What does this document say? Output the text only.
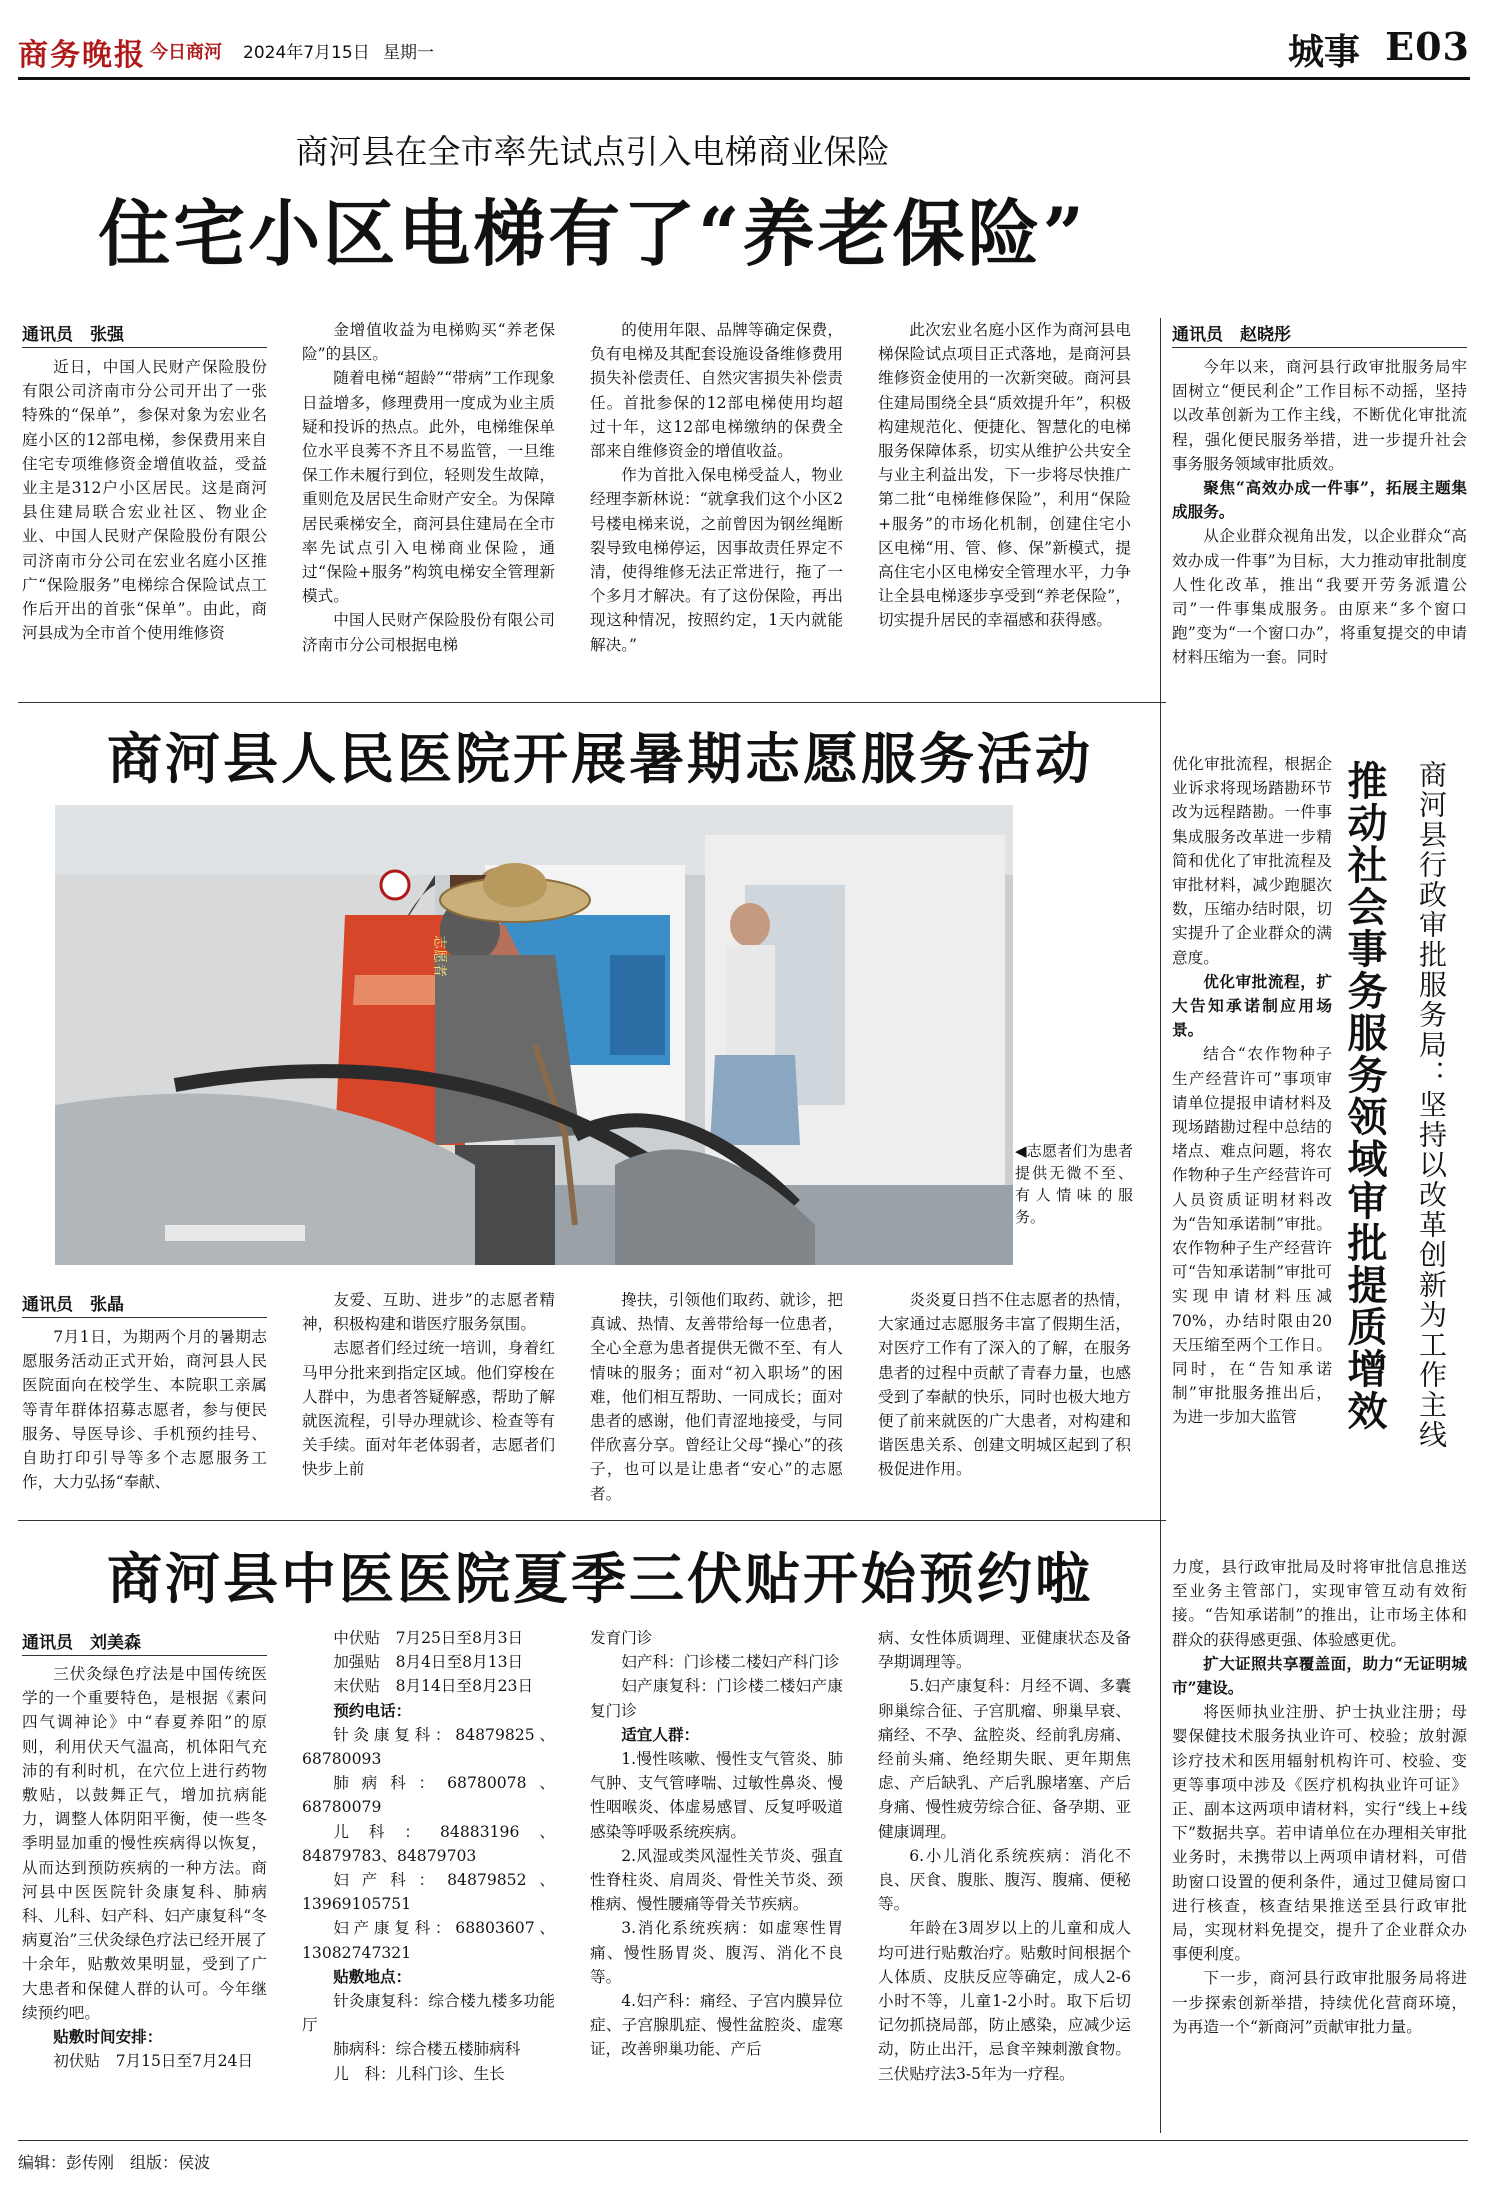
商务晚报 今日商河 2024年7月15日 星期一	城事 E03
商河县在全市率先试点引入电梯商业保险
住宅小区电梯有了“养老保险”
通讯员　张强

近日，中国人民财产保险股份有限公司济南市分公司开出了一张特殊的“保单”，参保对象为宏业名庭小区的12部电梯，参保费用来自住宅专项维修资金增值收益，受益业主是312户小区居民。这是商河县住建局联合宏业社区、物业企业、中国人民财产保险股份有限公司济南市分公司在宏业名庭小区推广“保险服务”电梯综合保险试点工作后开出的首张“保单”。由此，商河县成为全市首个使用维修资

金增值收益为电梯购买“养老保险”的县区。

随着电梯“超龄”“带病”工作现象日益增多，修理费用一度成为业主质疑和投诉的热点。此外，电梯维保单位水平良莠不齐且不易监管，一旦维保工作未履行到位，轻则发生故障，重则危及居民生命财产安全。为保障居民乘梯安全，商河县住建局在全市率先试点引入电梯商业保险，通过“保险+服务”构筑电梯安全管理新模式。

中国人民财产保险股份有限公司济南市分公司根据电梯

的使用年限、品牌等确定保费，负有电梯及其配套设施设备维修费用损失补偿责任、自然灾害损失补偿责任。首批参保的12部电梯使用均超过十年，这12部电梯缴纳的保费全部来自维修资金的增值收益。

作为首批入保电梯受益人，物业经理李新林说：“就拿我们这个小区2号楼电梯来说，之前曾因为钢丝绳断裂导致电梯停运，因事故责任界定不清，使得维修无法正常进行，拖了一个多月才解决。有了这份保险，再出现这种情况，按照约定，1天内就能解决。”

此次宏业名庭小区作为商河县电梯保险试点项目正式落地，是商河县维修资金使用的一次新突破。商河县住建局围绕全县“质效提升年”，积极构建规范化、便捷化、智慧化的电梯服务保障体系，切实从维护公共安全与业主利益出发，下一步将尽快推广第二批“电梯维修保险”，利用“保险+服务”的市场化机制，创建住宅小区电梯“用、管、修、保”新模式，提高住宅小区电梯安全管理水平，力争让全县电梯逐步享受到“养老保险”，切实提升居民的幸福感和获得感。

商河县人民医院开展暑期志愿服务活动
志愿者
◀志愿者们为患者提供无微不至、有人情味的服务。
通讯员　张晶

7月1日，为期两个月的暑期志愿服务活动正式开始，商河县人民医院面向在校学生、本院职工亲属等青年群体招募志愿者，参与便民服务、导医导诊、手机预约挂号、自助打印引导等多个志愿服务工作，大力弘扬“奉献、

友爱、互助、进步”的志愿者精神，积极构建和谐医疗服务氛围。

志愿者们经过统一培训，身着红马甲分批来到指定区域。他们穿梭在人群中，为患者答疑解惑，帮助了解就医流程，引导办理就诊、检查等有关手续。面对年老体弱者，志愿者们快步上前

搀扶，引领他们取药、就诊，把真诚、热情、友善带给每一位患者，全心全意为患者提供无微不至、有人情味的服务；面对“初入职场”的困难，他们相互帮助、一同成长；面对患者的感谢，他们青涩地接受，与同伴欣喜分享。曾经让父母“操心”的孩子，也可以是让患者“安心”的志愿者。

炎炎夏日挡不住志愿者的热情，大家通过志愿服务丰富了假期生活，对医疗工作有了深入的了解，在服务患者的过程中贡献了青春力量，也感受到了奉献的快乐，同时也极大地方便了前来就医的广大患者，对构建和谐医患关系、创建文明城区起到了积极促进作用。

商河县中医医院夏季三伏贴开始预约啦
通讯员　刘美森

三伏灸绿色疗法是中国传统医学的一个重要特色，是根据《素问四气调神论》中“春夏养阳”的原则，利用伏天气温高，机体阳气充沛的有利时机，在穴位上进行药物敷贴，以鼓舞正气，增加抗病能力，调整人体阴阳平衡，使一些冬季明显加重的慢性疾病得以恢复，从而达到预防疾病的一种方法。商河县中医医院针灸康复科、肺病科、儿科、妇产科、妇产康复科“冬病夏治”三伏灸绿色疗法已经开展了十余年，贴敷效果明显，受到了广大患者和保健人群的认可。今年继续预约吧。

贴敷时间安排：

初伏贴　7月15日至7月24日

中伏贴　7月25日至8月3日

加强贴　8月4日至8月13日

末伏贴　8月14日至8月23日

预约电话：

针灸康复科：84879825、68780093

肺病科：68780078、68780079

儿科：84883196、84879783、84879703

妇产科：84879852、13969105751

妇产康复科：68803607、13082747321

贴敷地点：

针灸康复科：综合楼九楼多功能厅

肺病科：综合楼五楼肺病科

儿　科：儿科门诊、生长

发育门诊

妇产科：门诊楼二楼妇产科门诊

妇产康复科：门诊楼二楼妇产康复门诊

适宜人群：

1.慢性咳嗽、慢性支气管炎、肺气肿、支气管哮喘、过敏性鼻炎、慢性咽喉炎、体虚易感冒、反复呼吸道感染等呼吸系统疾病。

2.风湿或类风湿性关节炎、强直性脊柱炎、肩周炎、骨性关节炎、颈椎病、慢性腰痛等骨关节疾病。

3.消化系统疾病：如虚寒性胃痛、慢性肠胃炎、腹泻、消化不良等。

4.妇产科：痛经、子宫内膜异位症、子宫腺肌症、慢性盆腔炎、虚寒证，改善卵巢功能、产后

病、女性体质调理、亚健康状态及备孕期调理等。

5.妇产康复科：月经不调、多囊卵巢综合征、子宫肌瘤、卵巢早衰、痛经、不孕、盆腔炎、经前乳房痛、经前头痛、绝经期失眠、更年期焦虑、产后缺乳、产后乳腺堵塞、产后身痛、慢性疲劳综合征、备孕期、亚健康调理。

6.小儿消化系统疾病：消化不良、厌食、腹胀、腹泻、腹痛、便秘等。

年龄在3周岁以上的儿童和成人均可进行贴敷治疗。贴敷时间根据个人体质、皮肤反应等确定，成人2-6小时不等，儿童1-2小时。取下后切记勿抓挠局部，防止感染，应减少运动，防止出汗，忌食辛辣刺激食物。三伏贴疗法3-5年为一疗程。

通讯员　赵晓彤

今年以来，商河县行政审批服务局牢固树立“便民利企”工作目标不动摇，坚持以改革创新为工作主线，不断优化审批流程，强化便民服务举措，进一步提升社会事务服务领域审批质效。

聚焦“高效办成一件事”，拓展主题集成服务。

从企业群众视角出发，以企业群众“高效办成一件事”为目标，大力推动审批制度人性化改革，推出“我要开劳务派遣公司”一件事集成服务。由原来“多个窗口跑”变为“一个窗口办”，将重复提交的申请材料压缩为一套。同时

优化审批流程，根据企业诉求将现场踏勘环节改为远程踏勘。一件事集成服务改革进一步精简和优化了审批流程及审批材料，减少跑腿次数，压缩办结时限，切实提升了企业群众的满意度。

优化审批流程，扩大告知承诺制应用场景。

结合“农作物种子生产经营许可”事项审请单位提报申请材料及现场踏勘过程中总结的堵点、难点问题，将农作物种子生产经营许可人员资质证明材料改为“告知承诺制”审批。农作物种子生产经营许可“告知承诺制”审批可实现申请材料压减70%，办结时限由20天压缩至两个工作日。同时，在“告知承诺制”审批服务推出后，为进一步加大监管	推动社会事务服务领域审批提质增效 商河县行政审批服务局：坚持以改革创新为工作主线

力度，县行政审批局及时将审批信息推送至业务主管部门，实现审管互动有效衔接。“告知承诺制”的推出，让市场主体和群众的获得感更强、体验感更优。

扩大证照共享覆盖面，助力“无证明城市”建设。

将医师执业注册、护士执业注册；母婴保健技术服务执业许可、校验；放射源诊疗技术和医用辐射机构许可、校验、变更等事项中涉及《医疗机构执业许可证》正、副本这两项申请材料，实行“线上+线下”数据共享。若申请单位在办理相关审批业务时，未携带以上两项申请材料，可借助窗口设置的便利条件，通过卫健局窗口进行核查，核查结果推送至县行政审批局，实现材料免提交，提升了企业群众办事便利度。

下一步，商河县行政审批服务局将进一步探索创新举措，持续优化营商环境，为再造一个“新商河”贡献审批力量。

编辑：彭传刚　组版：侯波
